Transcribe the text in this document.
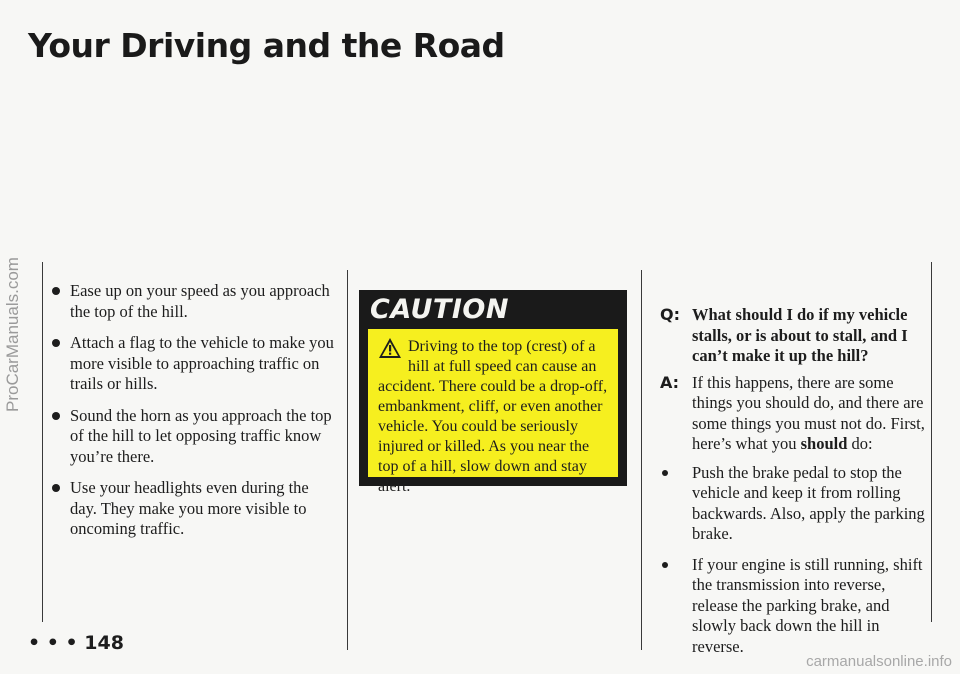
Your Driving and the Road
ProCarManuals.com
carmanualsonline.info
Ease up on your speed as you approach the top of the hill.
Attach a flag to the vehicle to make you more visible to approaching traffic on trails or hills.
Sound the horn as you approach the top of the hill to let opposing traffic know you’re there.
Use your headlights even during the day. They make you more visible to oncoming traffic.
• • • 148
CAUTION
Driving to the top (crest) of a hill at full speed can cause an accident. There could be a drop-off, embankment, cliff, or even another vehicle. You could be seriously injured or killed. As you near the top of a hill, slow down and stay alert.
Q: What should I do if my vehicle stalls, or is about to stall, and I can’t make it up the hill?
A: If this happens, there are some things you should do, and there are some things you must not do. First, here’s what you should do:
Push the brake pedal to stop the vehicle and keep it from rolling backwards. Also, apply the parking brake.
If your engine is still running, shift the transmission into reverse, release the parking brake, and slowly back down the hill in reverse.
